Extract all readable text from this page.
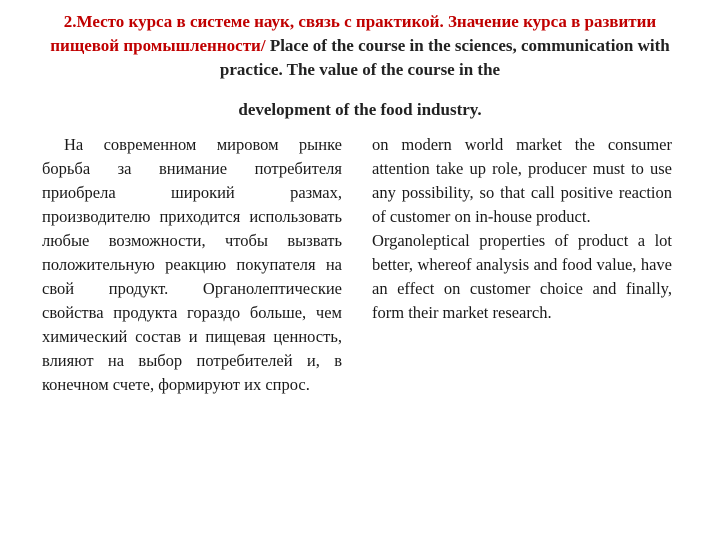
2.Место курса в системе наук, связь с практикой. Значение курса в развитии пищевой промышленности/ Place of the course in the sciences, communication with practice. The value of the course in the
development of the food industry.

На современном мировом рынке борьба за внимание потребителя приобрела широкий размах, производителю приходится использовать любые возможности, чтобы вызвать положительную реакцию покупателя на свой продукт. Органолептические свойства продукта гораздо больше, чем химический состав и пищевая ценность, влияют на выбор потребителей и, в конечном счете, формируют их спрос.

on modern world market the consumer attention take up role, producer must to use any possibility, so that call positive reaction of customer on in-house product.

Organoleptical properties of product a lot better, whereof analysis and food value, have an effect on customer choice and finally, form their market research.
